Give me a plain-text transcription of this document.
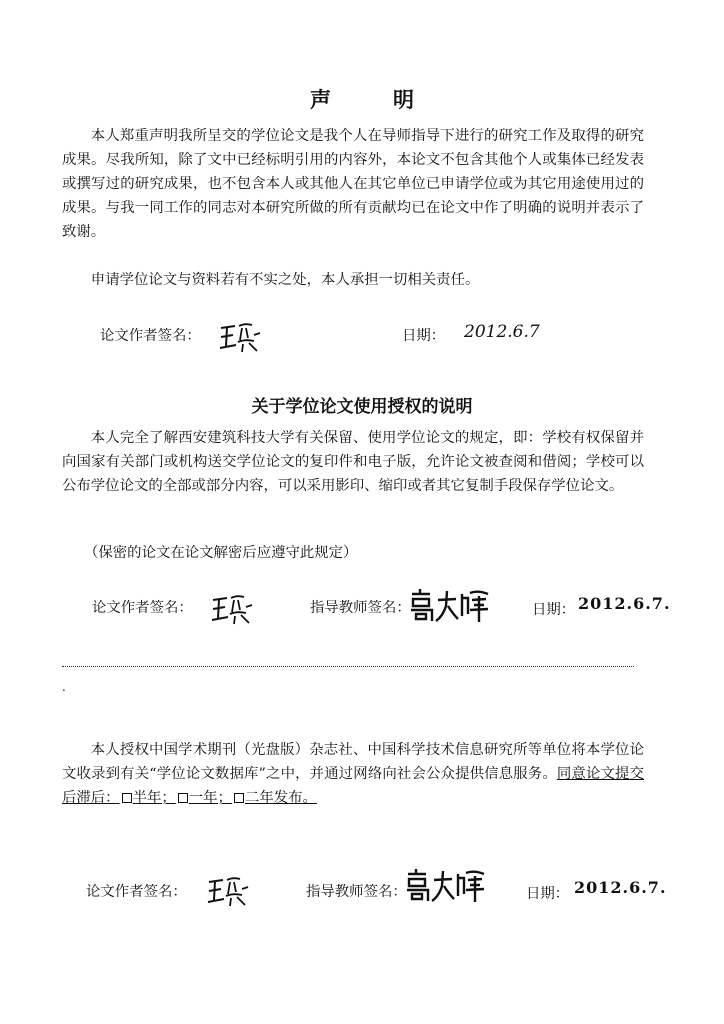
声明

本人郑重声明我所呈交的学位论文是我个人在导师指导下进行的研究工作及取得的研究成果。尽我所知，除了文中已经标明引用的内容外，本论文不包含其他个人或集体已经发表或撰写过的研究成果，也不包含本人或其他人在其它单位已申请学位或为其它用途使用过的成果。与我一同工作的同志对本研究所做的所有贡献均已在论文中作了明确的说明并表示了致谢。

申请学位论文与资料若有不实之处，本人承担一切相关责任。

论文作者签名：	日期： 2012.6.7
关于学位论文使用授权的说明

本人完全了解西安建筑科技大学有关保留、使用学位论文的规定，即：学校有权保留并向国家有关部门或机构送交学位论文的复印件和电子版，允许论文被查阅和借阅；学校可以公布学位论文的全部或部分内容，可以采用影印、缩印或者其它复制手段保存学位论文。

（保密的论文在论文解密后应遵守此规定）
论文作者签名：	指导教师签名：	日期： 2012.6.7.
.

本人授权中国学术期刊（光盘版）杂志社、中国科学技术信息研究所等单位将本学位论文收录到有关“学位论文数据库”之中，并通过网络向社会公众提供信息服务。同意论文提交后滞后： 半年； 一年； 二年发布。

论文作者签名：	指导教师签名：	日期： 2012.6.7.
